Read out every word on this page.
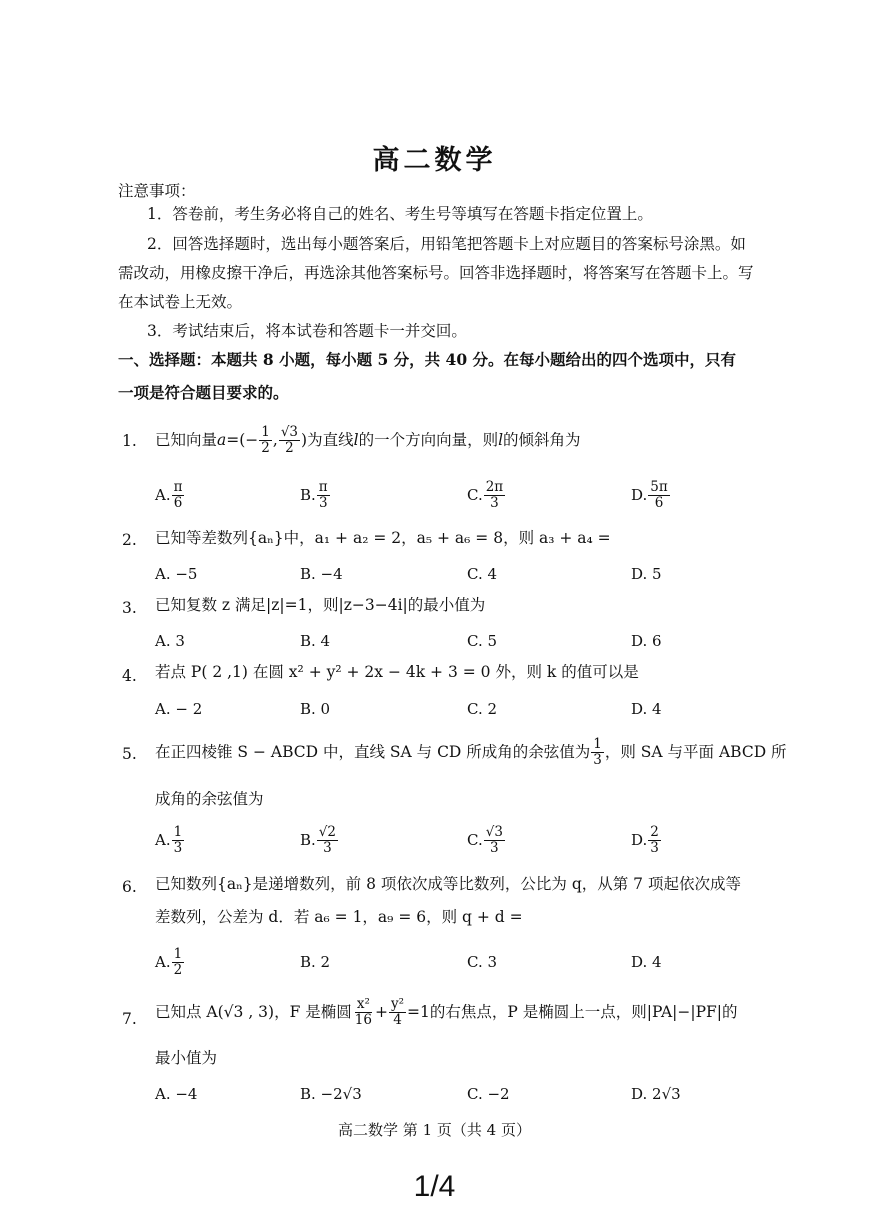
高二数学
注意事项：
1．答卷前，考生务必将自己的姓名、考生号等填写在答题卡指定位置上。
2．回答选择题时，选出每小题答案后，用铅笔把答题卡上对应题目的答案标号涂黑。如
需改动，用橡皮擦干净后，再选涂其他答案标号。回答非选择题时，将答案写在答题卡上。写
在本试卷上无效。
3．考试结束后，将本试卷和答题卡一并交回。
一、选择题：本题共 8 小题，每小题 5 分，共 40 分。在每小题给出的四个选项中，只有
一项是符合题目要求的。
1. 已知向量 a =(− $\frac{1}{2}$ , $\frac{√3}{2}$ )为直线 l 的一个方向向量，则 l 的倾斜角为
A. $\frac{\pi}{6}$	B. $\frac{\pi}{3}$	C. $\frac{2\pi}{3}$	D. $\frac{5\pi}{6}$
2. 已知等差数列{aₙ}中，a₁ + a₂ = 2，a₅ + a₆ = 8，则 a₃ + a₄ =
A. −5	B. −4	C. 4	D. 5
3. 已知复数 z 满足|z|=1，则|z−3−4i|的最小值为
A. 3	B. 4	C. 5	D. 6
4. 若点 P( 2 ,1) 在圆 x² + y² + 2x − 4k + 3 = 0 外，则 k 的值可以是
A. − 2	B. 0	C. 2	D. 4
5. 在正四棱锥 S − ABCD 中，直线 SA 与 CD 所成角的余弦值为 $\frac{1}{3}$ ，则 SA 与平面 ABCD 所
成角的余弦值为
A. $\frac{1}{3}$	B. $\frac{√2}{3}$	C. $\frac{√3}{3}$	D. $\frac{2}{3}$
6. 已知数列{aₙ}是递增数列，前 8 项依次成等比数列，公比为 q，从第 7 项起依次成等
差数列，公差为 d．若 a₆ = 1，a₉ = 6，则 q + d =
A. $\frac{1}{2}$	B. 2	C. 3	D. 4
7. 已知点 A(√3 , 3)，F 是椭圆 $\frac{\text{x²}}{16} + \frac{\text{y²}}{4} =1$的右焦点，P 是椭圆上一点，则|PA|−|PF|的
最小值为
A. −4	B. −2√3	C. −2	D. 2√3
高二数学 第 1 页（共 4 页）
1/4
